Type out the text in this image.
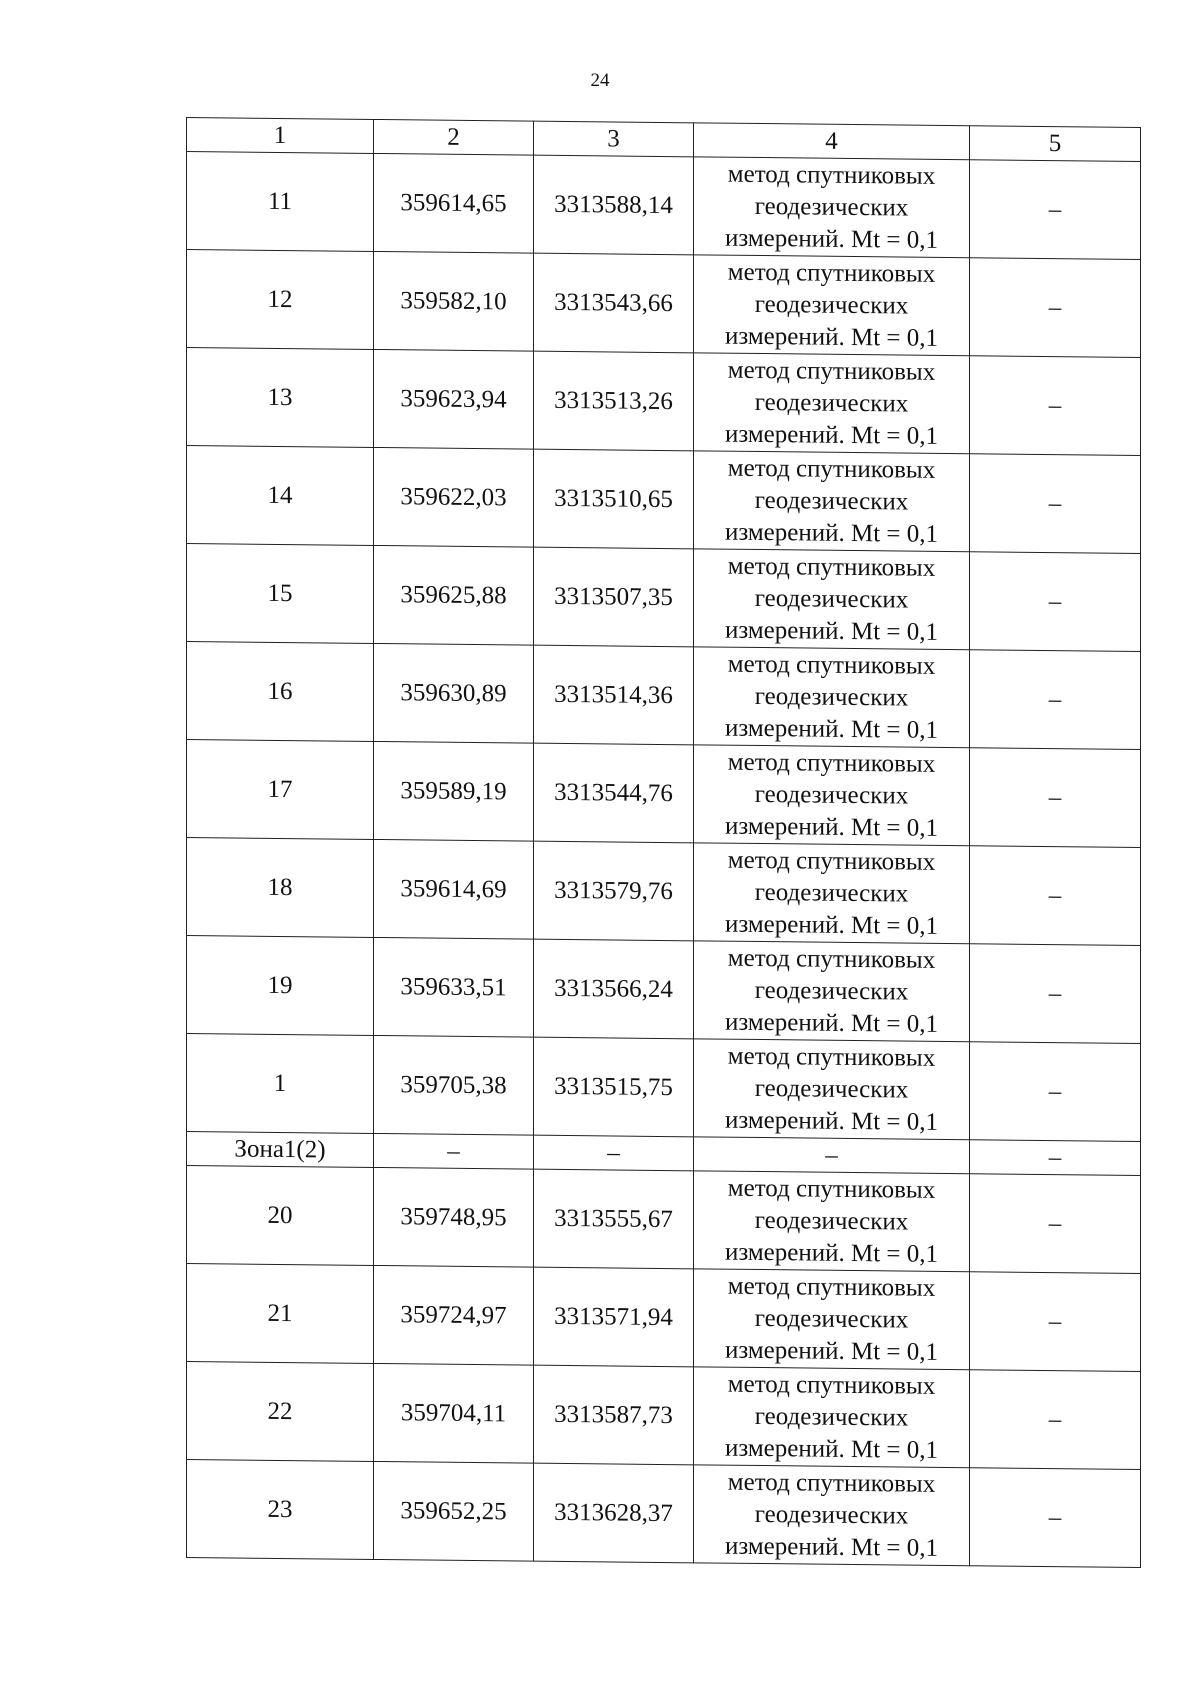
24
1	2	3	4	5
11	359614,65	3313588,14	метод спутниковых
геодезических
измерений. Mt = 0,1	–
12	359582,10	3313543,66	метод спутниковых
геодезических
измерений. Mt = 0,1	–
13	359623,94	3313513,26	метод спутниковых
геодезических
измерений. Mt = 0,1	–
14	359622,03	3313510,65	метод спутниковых
геодезических
измерений. Mt = 0,1	–
15	359625,88	3313507,35	метод спутниковых
геодезических
измерений. Mt = 0,1	–
16	359630,89	3313514,36	метод спутниковых
геодезических
измерений. Mt = 0,1	–
17	359589,19	3313544,76	метод спутниковых
геодезических
измерений. Mt = 0,1	–
18	359614,69	3313579,76	метод спутниковых
геодезических
измерений. Mt = 0,1	–
19	359633,51	3313566,24	метод спутниковых
геодезических
измерений. Mt = 0,1	–
1	359705,38	3313515,75	метод спутниковых
геодезических
измерений. Mt = 0,1	–
Зона1(2)	–	–	–	–
20	359748,95	3313555,67	метод спутниковых
геодезических
измерений. Mt = 0,1	–
21	359724,97	3313571,94	метод спутниковых
геодезических
измерений. Mt = 0,1	–
22	359704,11	3313587,73	метод спутниковых
геодезических
измерений. Mt = 0,1	–
23	359652,25	3313628,37	метод спутниковых
геодезических
измерений. Mt = 0,1	–
